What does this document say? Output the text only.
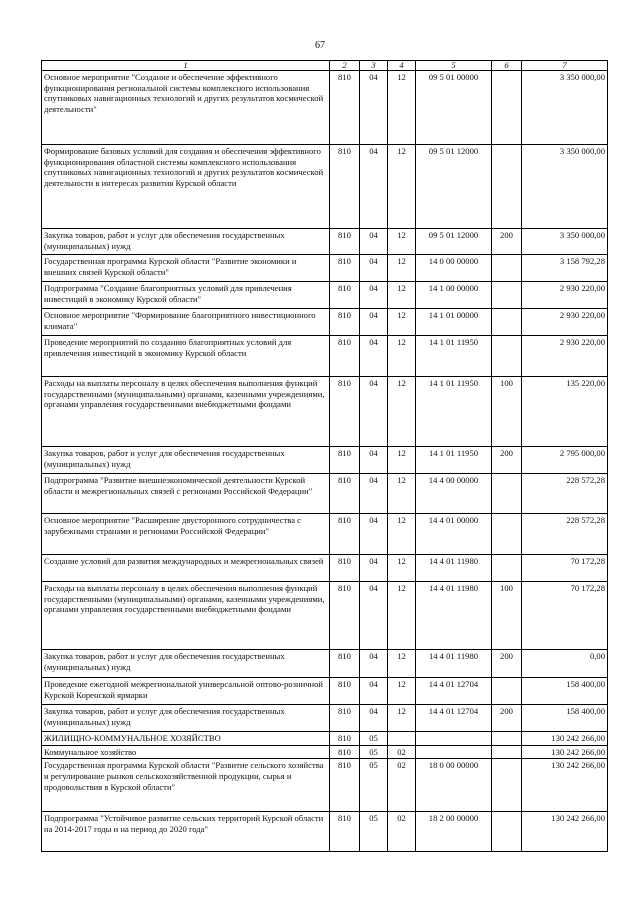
67
1	2	3	4	5	6	7
Основное мероприятие "Создание и обеспечение эффективного функционирования региональной системы комплексного использования спутниковых навигационных технологий и других результатов космической деятельности"	810	04	12	09 5 01 00000		3 350 000,00
Формирование базовых условий для создания и обеспечения эффективного функционирования областной системы комплексного использования спутниковых навигационных технологий и других результатов космической деятельности в интересах развития Курской области	810	04	12	09 5 01 12000		3 350 000,00
Закупка товаров, работ и услуг для обеспечения государственных (муниципальных) нужд	810	04	12	09 5 01 12000	200	3 350 000,00
Государственная программа Курской области "Развитие экономики и внешних связей Курской области"	810	04	12	14 0 00 00000		3 158 792,28
Подпрограмма "Создание благоприятных условий для привлечения инвестиций в экономику Курской области"	810	04	12	14 1 00 00000		2 930 220,00
Основное мероприятие "Формирование благоприятного инвестиционного климата"	810	04	12	14 1 01 00000		2 930 220,00
Проведение мероприятий по созданию благоприятных условий для привлечения инвестиций в экономику Курской области	810	04	12	14 1 01 11950		2 930 220,00
Расходы на выплаты персоналу в целях обеспечения выполнения функций государственными (муниципальными) органами, казенными учреждениями, органами управления государственными внебюджетными фондами	810	04	12	14 1 01 11950	100	135 220,00
Закупка товаров, работ и услуг для обеспечения государственных (муниципальных) нужд	810	04	12	14 1 01 11950	200	2 795 000,00
Подпрограмма "Развитие внешнеэкономической деятельности Курской области и межрегиональных связей с регионами Российской Федерации"	810	04	12	14 4 00 00000		228 572,28
Основное мероприятие "Расширение двусторонного сотрудничества с зарубежными странами и регионами Российской Федерации"	810	04	12	14 4 01 00000		228 572,28
Создание условий для развития международных и межрегиональных связей	810	04	12	14 4 01 11980		70 172,28
Расходы на выплаты персоналу в целях обеспечения выполнения функций государственными (муниципальными) органами, казенными учреждениями, органами управления государственными внебюджетными фондами	810	04	12	14 4 01 11980	100	70 172,28
Закупка товаров, работ и услуг для обеспечения государственных (муниципальных) нужд	810	04	12	14 4 01 11980	200	0,00
Проведение ежегодной межрегиональной универсальной оптово-розничной Курской Коренской ярмарки	810	04	12	14 4 01 12704		158 400,00
Закупка товаров, работ и услуг для обеспечения государственных (муниципальных) нужд	810	04	12	14 4 01 12704	200	158 400,00
ЖИЛИЩНО-КОММУНАЛЬНОЕ ХОЗЯЙСТВО	810	05				130 242 266,00
Коммунальное хозяйство	810	05	02			130 242 266,00
Государственная программа Курской области "Развитие сельского хозяйства и регулирование рынков сельскохозяйственной продукции, сырья и продовольствия в Курской области"	810	05	02	18 0 00 00000		130 242 266,00
Подпрограмма "Устойчивое развитие сельских территорий Курской области на 2014-2017 годы и на период до 2020 года"	810	05	02	18 2 00 00000		130 242 266,00
